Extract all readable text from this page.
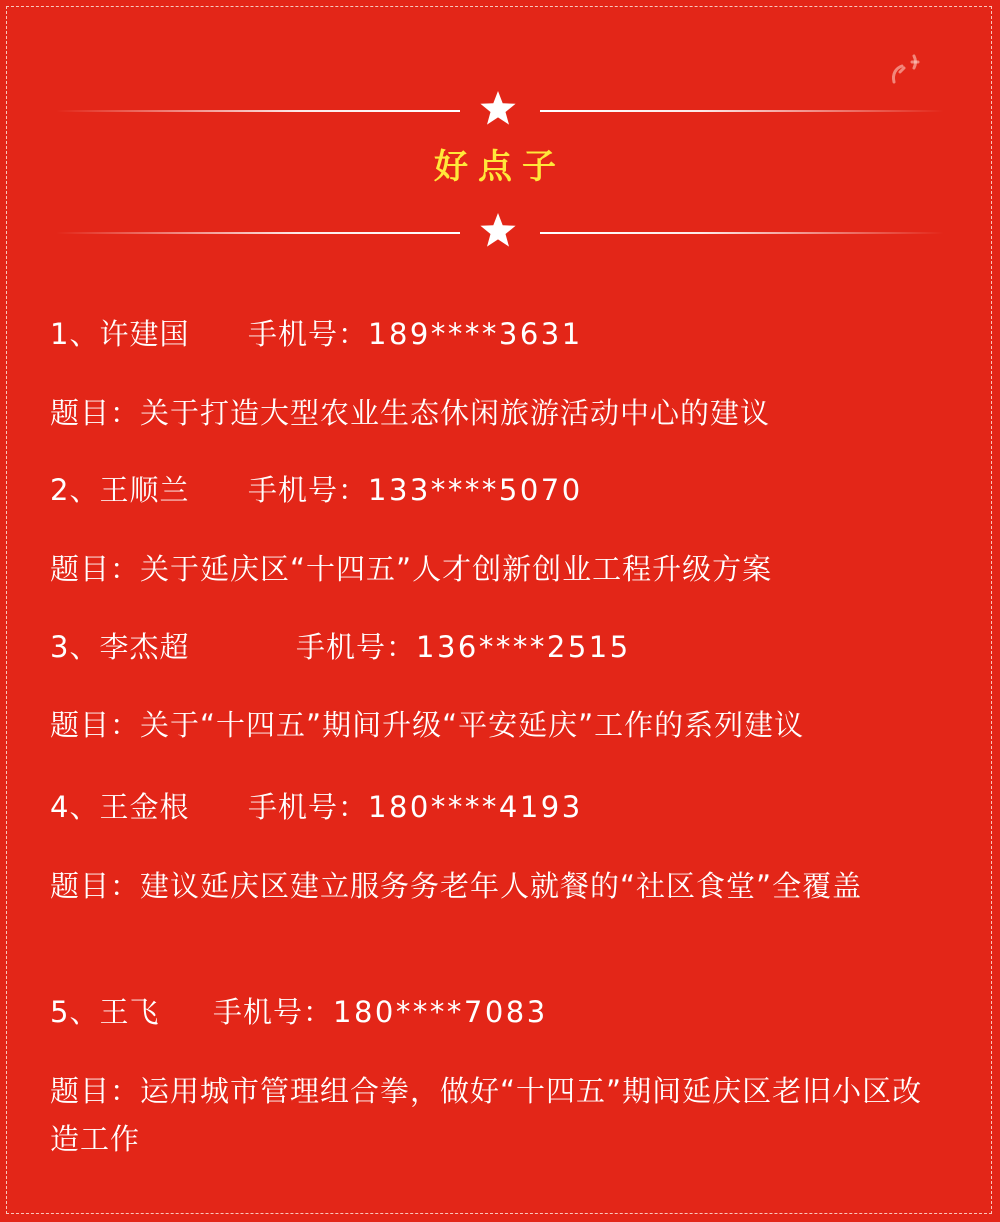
好点子
1、许建国 手机号：189****3631
题目：关于打造大型农业生态休闲旅游活动中心的建议
2、王顺兰 手机号：133****5070
题目：关于延庆区“十四五”人才创新创业工程升级方案
3、李杰超	手机号：136****2515
题目：关于“十四五”期间升级“平安延庆”工作的系列建议
4、王金根 手机号：180****4193
题目：建议延庆区建立服务务老年人就餐的“社区食堂”全覆盖
5、王飞 手机号：180****7083
题目：运用城市管理组合拳，做好“十四五”期间延庆区老旧小区改造工作
